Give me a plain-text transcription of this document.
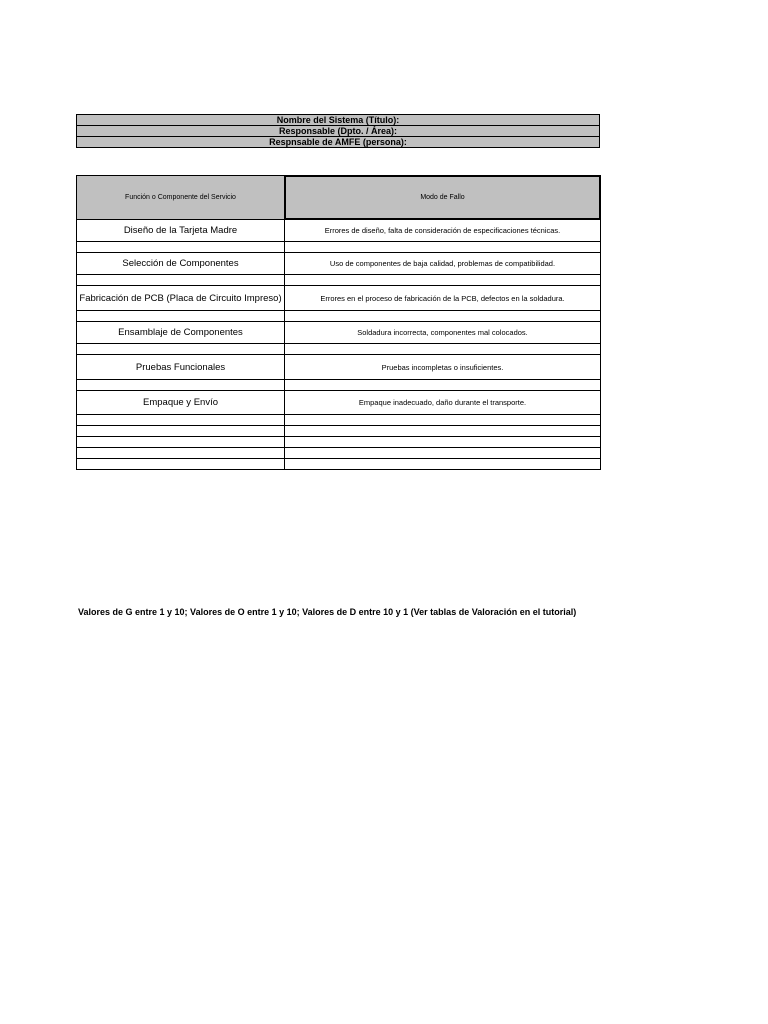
Nombre del Sistema (Título):
Responsable (Dpto. / Área):
Respnsable de AMFE (persona):
Función o Componente del Servicio	Modo de Fallo
Diseño de la Tarjeta Madre	Errores de diseño, falta de consideración de especificaciones técnicas.

Selección de Componentes	Uso de componentes de baja calidad, problemas de compatibilidad.

Fabricación de PCB (Placa de Circuito Impreso)	Errores en el proceso de fabricación de la PCB, defectos en la soldadura.

Ensamblaje de Componentes	Soldadura incorrecta, componentes mal colocados.

Pruebas Funcionales	Pruebas incompletas o insuficientes.

Empaque y Envío	Empaque inadecuado, daño durante el transporte.

Valores de G entre 1 y 10; Valores de O entre 1 y 10; Valores de D entre 10 y 1 (Ver tablas de Valoración en el tutorial)
